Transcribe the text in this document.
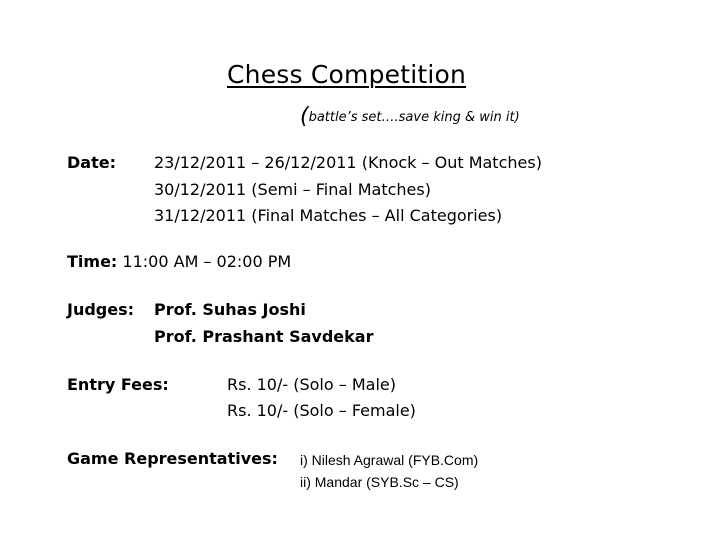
Chess Competition
(battle’s set….save king & win it)
Date: 23/12/2011 – 26/12/2011 (Knock – Out Matches)
30/12/2011 (Semi – Final Matches)
31/12/2011 (Final Matches – All Categories)
Time: 11:00 AM – 02:00 PM
Judges: Prof. Suhas Joshi
Prof. Prashant Savdekar
Entry Fees:	Rs. 10/- (Solo – Male)
Rs. 10/- (Solo – Female)
Game Representatives: i) Nilesh Agrawal (FYB.Com)
ii) Mandar (SYB.Sc – CS)
